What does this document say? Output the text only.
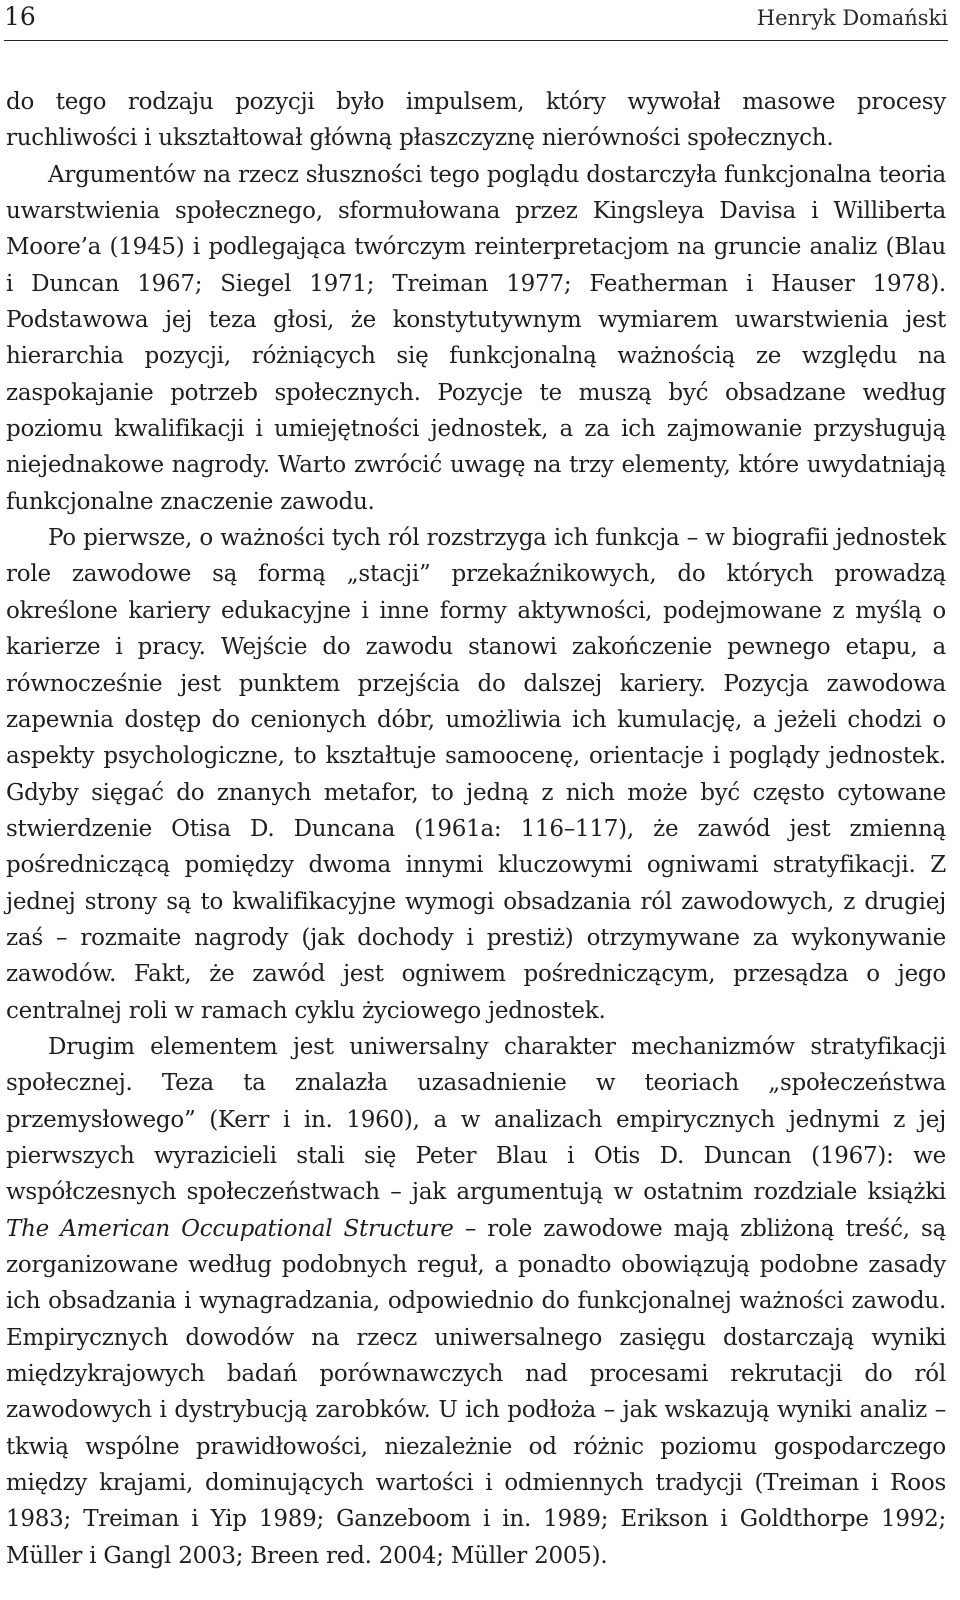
16	Henryk Domański

do tego rodzaju pozycji było impulsem, który wywołał masowe procesy ruchliwości i ukształtował główną płaszczyznę nierówności społecznych.

Argumentów na rzecz słuszności tego poglądu dostarczyła funkcjonalna teoria uwarstwienia społecznego, sformułowana przez Kingsleya Davisa i Williberta Moore’a (1945) i podlegająca twórczym reinterpretacjom na gruncie analiz (Blau i Duncan 1967; Siegel 1971; Treiman 1977; Featherman i Hauser 1978). Podstawowa jej teza głosi, że konstytutywnym wymiarem uwarstwienia jest hierarchia pozycji, różniących się funkcjonalną ważnością ze względu na zaspokajanie potrzeb społecznych. Pozycje te muszą być obsadzane według poziomu kwalifikacji i umiejętności jednostek, a za ich zajmowanie przysługują niejednakowe nagrody. Warto zwrócić uwagę na trzy elementy, które uwydatniają funkcjonalne znaczenie zawodu.

Po pierwsze, o ważności tych ról rozstrzyga ich funkcja – w biografii jednostek role zawodowe są formą „stacji” przekaźnikowych, do których prowadzą określone kariery edukacyjne i inne formy aktywności, podejmowane z myślą o karierze i pracy. Wejście do zawodu stanowi zakończenie pewnego etapu, a równocześnie jest punktem przejścia do dalszej kariery. Pozycja zawodowa zapewnia dostęp do cenionych dóbr, umożliwia ich kumulację, a jeżeli chodzi o aspekty psychologiczne, to kształtuje samoocenę, orientacje i poglądy jednostek. Gdyby sięgać do znanych metafor, to jedną z nich może być często cytowane stwierdzenie Otisa D. Duncana (1961a: 116–117), że zawód jest zmienną pośredniczącą pomiędzy dwoma innymi kluczowymi ogniwami stratyfikacji. Z jednej strony są to kwalifikacyjne wymogi obsadzania ról zawodowych, z drugiej zaś – rozmaite nagrody (jak dochody i prestiż) otrzymywane za wykonywanie zawodów. Fakt, że zawód jest ogniwem pośredniczącym, przesądza o jego centralnej roli w ramach cyklu życiowego jednostek.

Drugim elementem jest uniwersalny charakter mechanizmów stratyfikacji społecznej. Teza ta znalazła uzasadnienie w teoriach „społeczeństwa przemysłowego” (Kerr i in. 1960), a w analizach empirycznych jednymi z jej pierwszych wyrazicieli stali się Peter Blau i Otis D. Duncan (1967): we współczesnych społeczeństwach – jak argumentują w ostatnim rozdziale książki The American Occupational Structure – role zawodowe mają zbliżoną treść, są zorganizowane według podobnych reguł, a ponadto obowiązują podobne zasady ich obsadzania i wynagradzania, odpowiednio do funkcjonalnej ważności zawodu. Empirycznych dowodów na rzecz uniwersalnego zasięgu dostarczają wyniki międzykrajowych badań porównawczych nad procesami rekrutacji do ról zawodowych i dystrybucją zarobków. U ich podłoża – jak wskazują wyniki analiz – tkwią wspólne prawidłowości, niezależnie od różnic poziomu gospodarczego między krajami, dominujących wartości i odmiennych tradycji (Treiman i Roos 1983; Treiman i Yip 1989; Ganzeboom i in. 1989; Erikson i Goldthorpe 1992; Müller i Gangl 2003; Breen red. 2004; Müller 2005).
